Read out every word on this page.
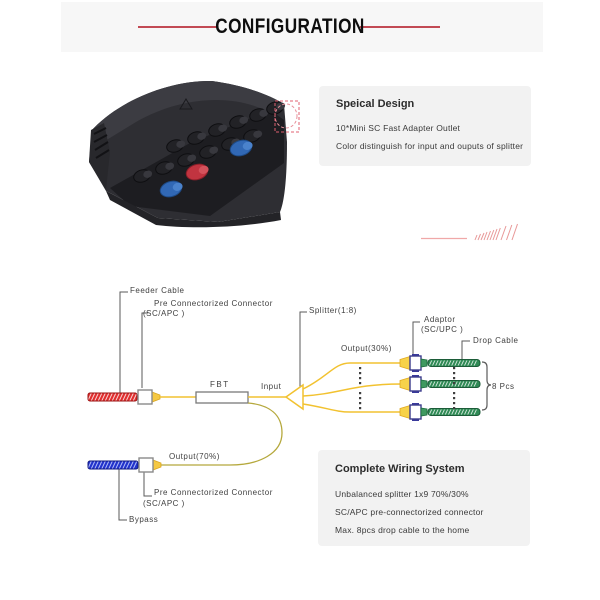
CONFIGURATION
Speical Design
10*Mini SC Fast Adapter Outlet
Color distinguish for input and ouputs of splitter
Feeder Cable
Pre Connectorized Connector
(SC/APC )	Splitter(1:8)
FBT	Input
Output(30%)
Adaptor
(SC/UPC )
Drop Cable
8 Pcs
Output(70%)
Pre Connectorized Connector
(SC/APC )
Bypass
Complete Wiring System
Unbalanced splitter 1x9 70%/30%
SC/APC pre-connectorized connector
Max. 8pcs drop cable to the home
